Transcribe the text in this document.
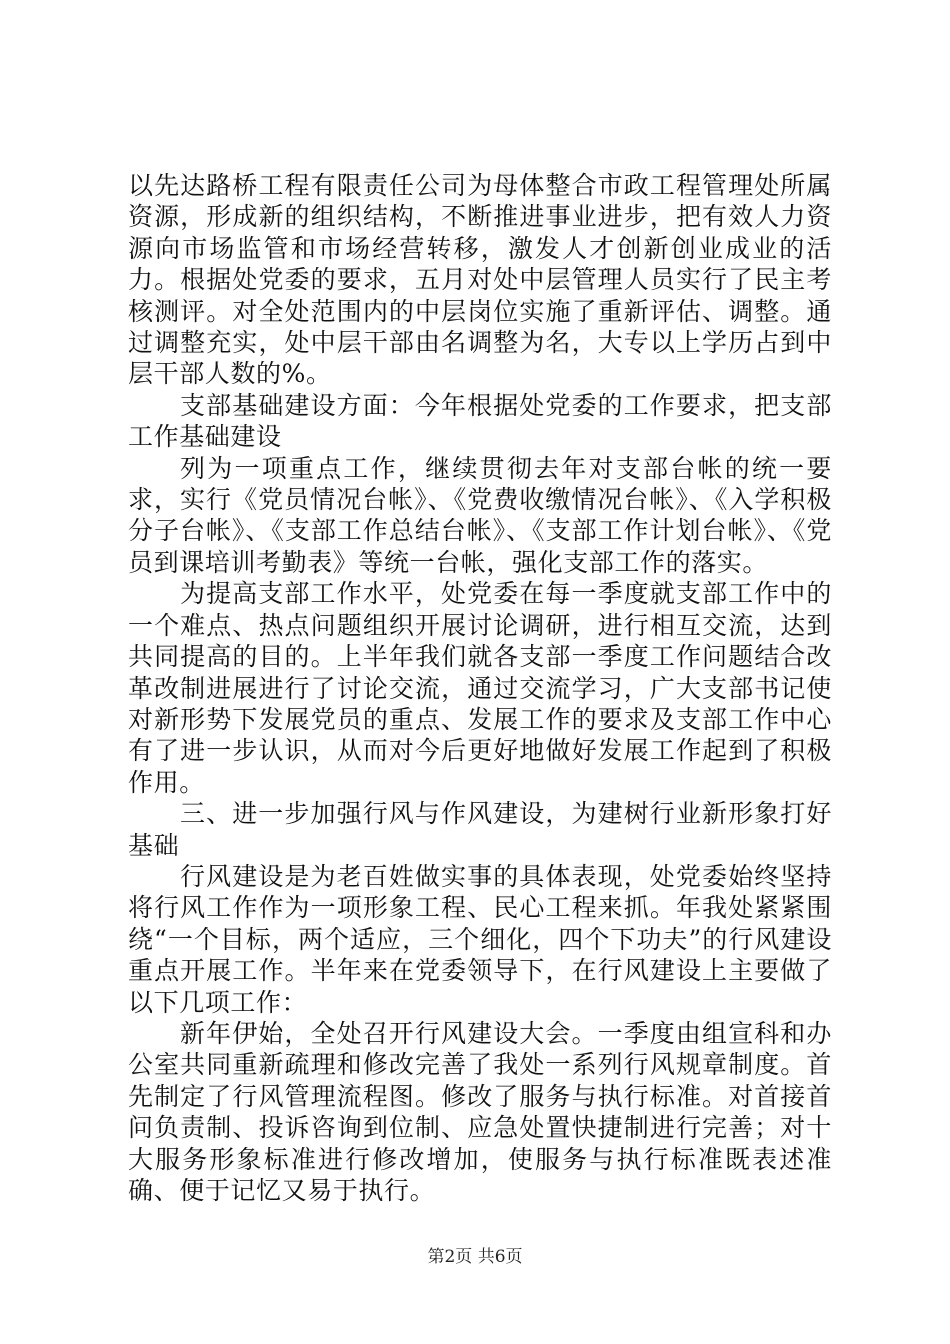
以先达路桥工程有限责任公司为母体整合市政工程管理处所属资源，形成新的组织结构，不断推进事业进步，把有效人力资源向市场监管和市场经营转移，激发人才创新创业成业的活力。根据处党委的要求，五月对处中层管理人员实行了民主考核测评。对全处范围内的中层岗位实施了重新评估、调整。通过调整充实，处中层干部由名调整为名，大专以上学历占到中层干部人数的%。

支部基础建设方面：今年根据处党委的工作要求，把支部工作基础建设

列为一项重点工作，继续贯彻去年对支部台帐的统一要求，实行《党员情况台帐》、《党费收缴情况台帐》、《入学积极分子台帐》、《支部工作总结台帐》、《支部工作计划台帐》、《党员到课培训考勤表》等统一台帐，强化支部工作的落实。

为提高支部工作水平，处党委在每一季度就支部工作中的一个难点、热点问题组织开展讨论调研，进行相互交流，达到共同提高的目的。上半年我们就各支部一季度工作问题结合改革改制进展进行了讨论交流，通过交流学习，广大支部书记使对新形势下发展党员的重点、发展工作的要求及支部工作中心有了进一步认识，从而对今后更好地做好发展工作起到了积极作用。

三、进一步加强行风与作风建设，为建树行业新形象打好基础

行风建设是为老百姓做实事的具体表现，处党委始终坚持将行风工作作为一项形象工程、民心工程来抓。年我处紧紧围绕“一个目标，两个适应，三个细化，四个下功夫”的行风建设重点开展工作。半年来在党委领导下，在行风建设上主要做了以下几项工作：

新年伊始，全处召开行风建设大会。一季度由组宣科和办公室共同重新疏理和修改完善了我处一系列行风规章制度。首先制定了行风管理流程图。修改了服务与执行标准。对首接首问负责制、投诉咨询到位制、应急处置快捷制进行完善；对十大服务形象标准进行修改增加，使服务与执行标准既表述准确、便于记忆又易于执行。

第2页 共6页
